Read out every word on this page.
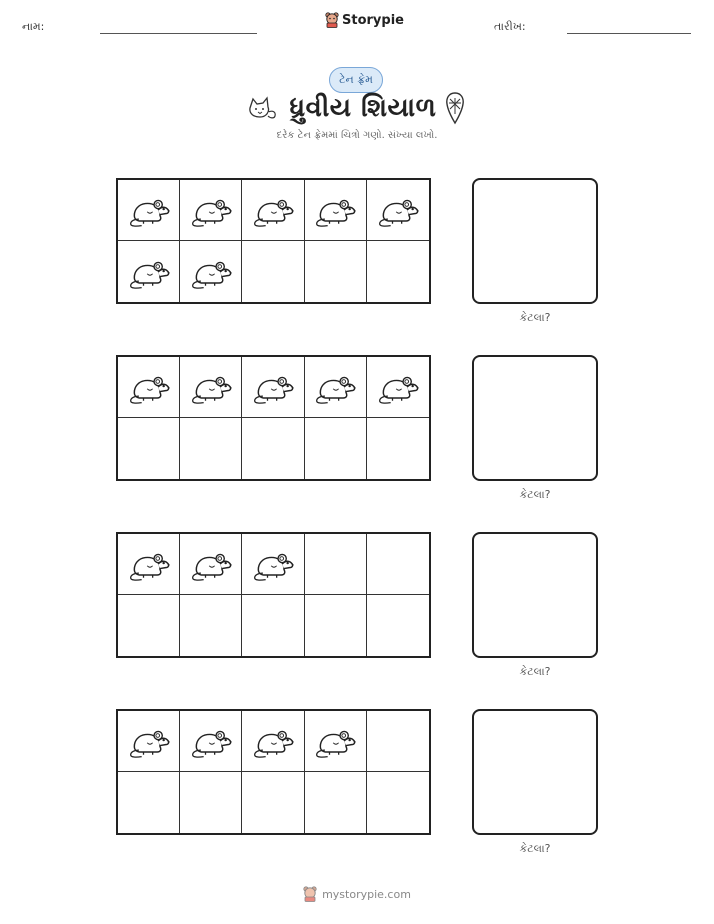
નામ:	Storypie	તારીખ:
ટેન ફ્રેમ
ધ્રુવીય શિયાળ
દરેક ટેન ફ્રેમમાં ચિત્રો ગણો. સંખ્યા લખો.
કેટલા?
કેટલા?
કેટલા?
કેટલા?
mystorypie.com
